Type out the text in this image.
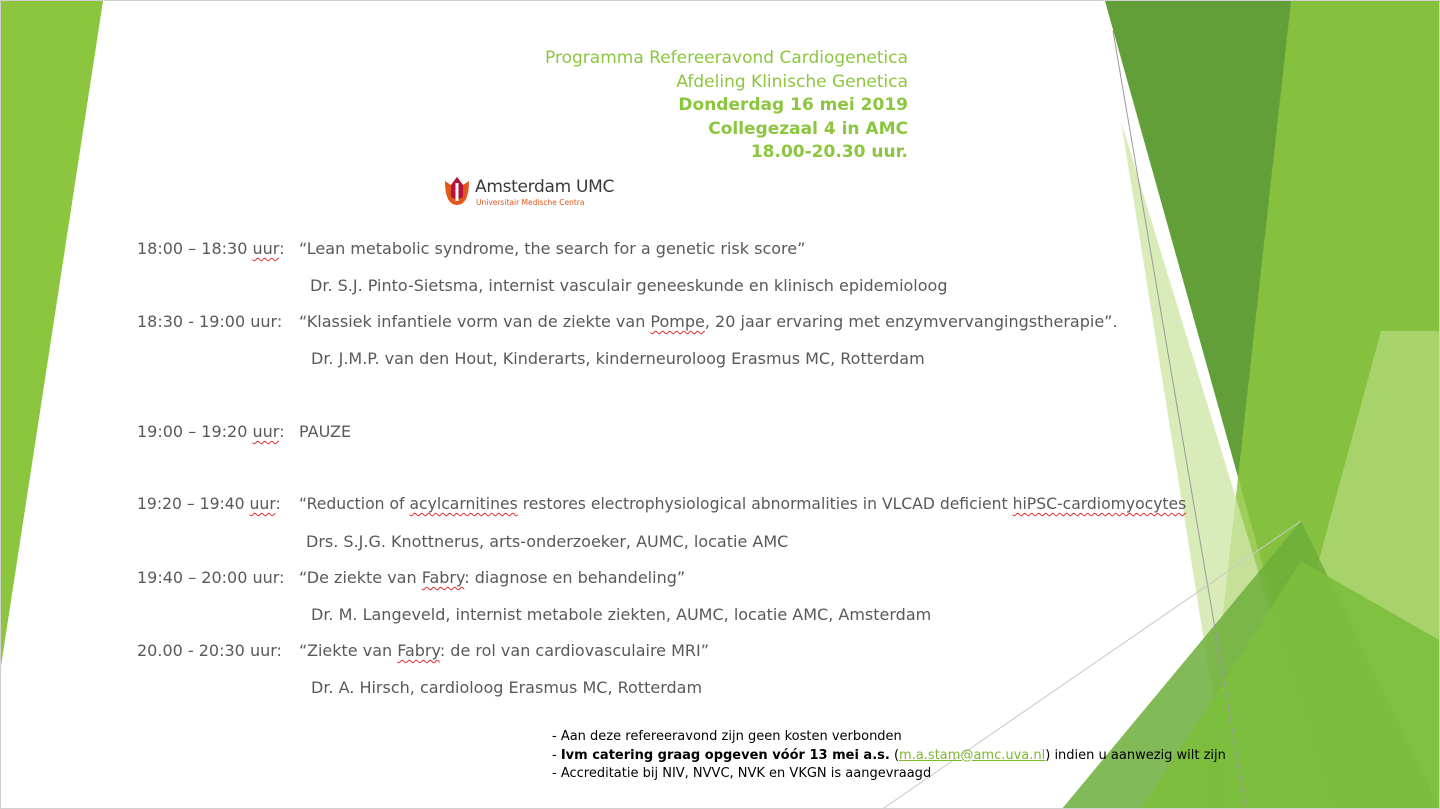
Programma Refereeravond Cardiogenetica
Afdeling Klinische Genetica
Donderdag 16 mei 2019
Collegezaal 4 in AMC
18.00-20.30 uur.
Amsterdam UMC
Universitair Medische Centra
18:00 – 18:30 uur: “Lean metabolic syndrome, the search for a genetic risk score”
Dr. S.J. Pinto-Sietsma, internist vasculair geneeskunde en klinisch epidemioloog
18:30 - 19:00 uur: “Klassiek infantiele vorm van de ziekte van Pompe, 20 jaar ervaring met enzymvervangingstherapie”.
Dr. J.M.P. van den Hout, Kinderarts, kinderneuroloog Erasmus MC, Rotterdam
19:00 – 19:20 uur: PAUZE
19:20 – 19:40 uur: “Reduction of acylcarnitines restores electrophysiological abnormalities in VLCAD deficient hiPSC-cardiomyocytes
Drs. S.J.G. Knottnerus, arts-onderzoeker, AUMC, locatie AMC
19:40 – 20:00 uur: “De ziekte van Fabry: diagnose en behandeling”
Dr. M. Langeveld, internist metabole ziekten, AUMC, locatie AMC, Amsterdam
20.00 - 20:30 uur: “Ziekte van Fabry: de rol van cardiovasculaire MRI”
Dr. A. Hirsch, cardioloog Erasmus MC, Rotterdam
- Aan deze refereeravond zijn geen kosten verbonden
- Ivm catering graag opgeven vóór 13 mei a.s. (m.a.stam@amc.uva.nl) indien u aanwezig wilt zijn
- Accreditatie bij NIV, NVVC, NVK en VKGN is aangevraagd
